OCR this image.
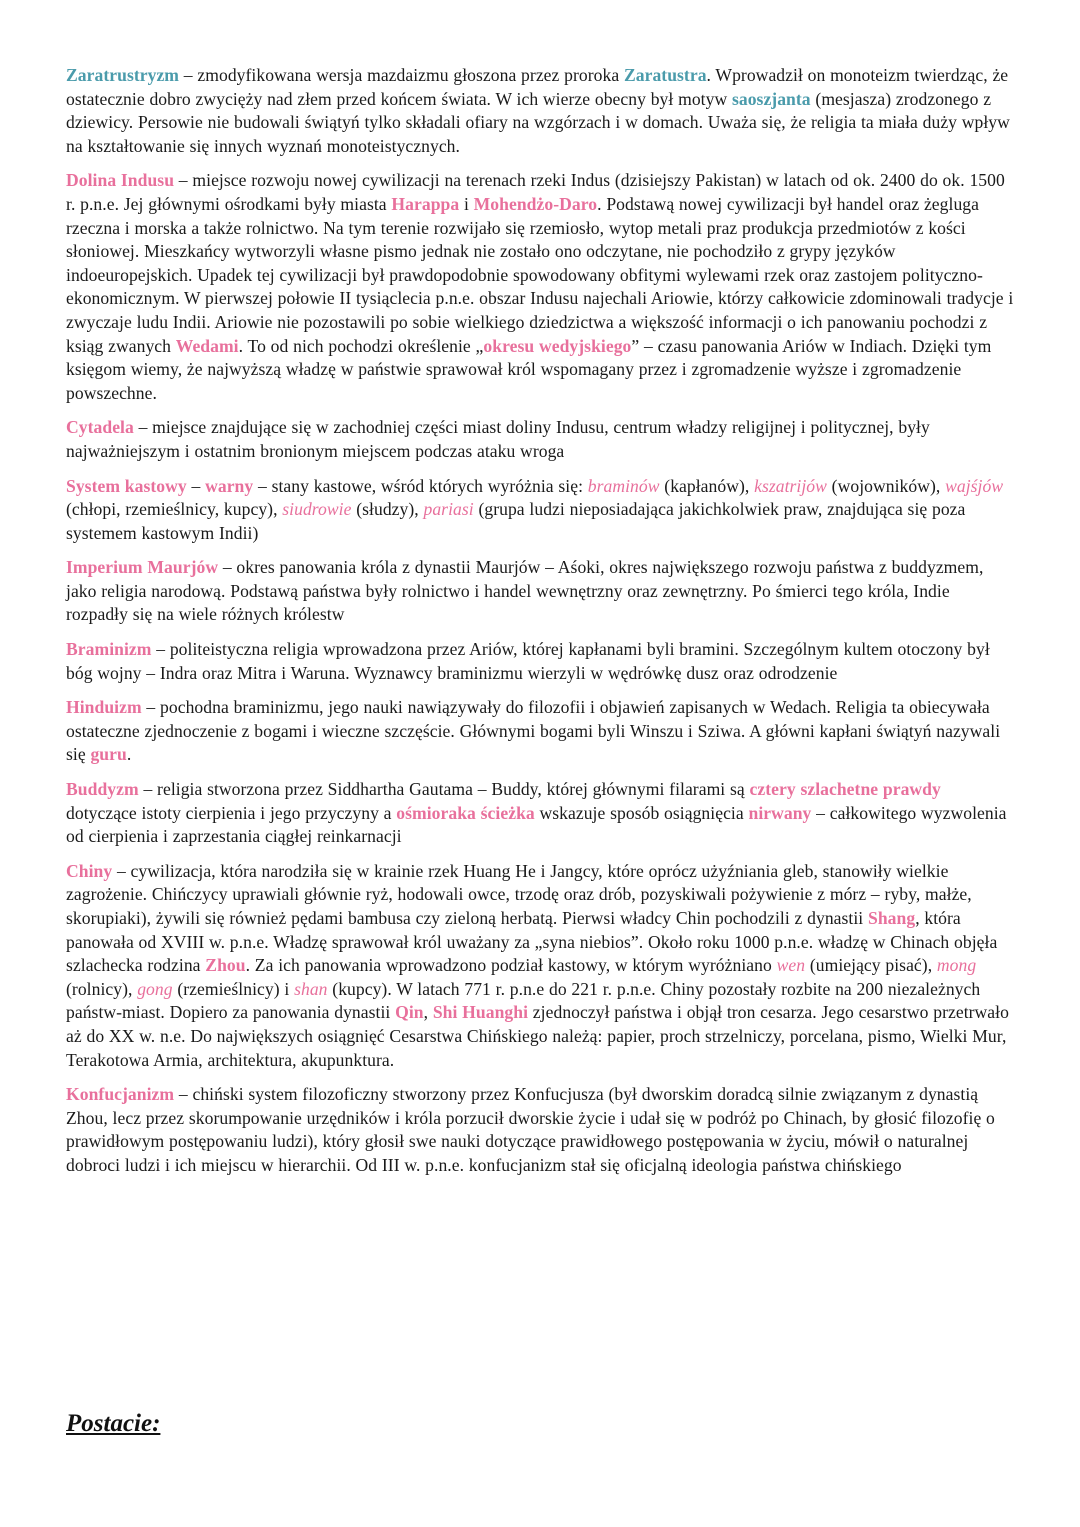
Zaratrustryzm – zmodyfikowana wersja mazdaizmu głoszona przez proroka Zaratustra. Wprowadził on monoteizm twierdząc, że ostatecznie dobro zwycięży nad złem przed końcem świata. W ich wierze obecny był motyw saoszjanta (mesjasza) zrodzonego z dziewicy. Persowie nie budowali świątyń tylko składali ofiary na wzgórzach i w domach. Uważa się, że religia ta miała duży wpływ na kształtowanie się innych wyznań monoteistycznych.

Dolina Indusu – miejsce rozwoju nowej cywilizacji na terenach rzeki Indus (dzisiejszy Pakistan) w latach od ok. 2400 do ok. 1500 r. p.n.e. Jej głównymi ośrodkami były miasta Harappa i Mohendżo-Daro. Podstawą nowej cywilizacji był handel oraz żegluga rzeczna i morska a także rolnictwo. Na tym terenie rozwijało się rzemiosło, wytop metali praz produkcja przedmiotów z kości słoniowej. Mieszkańcy wytworzyli własne pismo jednak nie zostało ono odczytane, nie pochodziło z grypy języków indoeuropejskich. Upadek tej cywilizacji był prawdopodobnie spowodowany obfitymi wylewami rzek oraz zastojem polityczno-ekonomicznym. W pierwszej połowie II tysiąclecia p.n.e. obszar Indusu najechali Ariowie, którzy całkowicie zdominowali tradycje i zwyczaje ludu Indii. Ariowie nie pozostawili po sobie wielkiego dziedzictwa a większość informacji o ich panowaniu pochodzi z ksiąg zwanych Wedami. To od nich pochodzi określenie „okresu wedyjskiego” – czasu panowania Ariów w Indiach. Dzięki tym księgom wiemy, że najwyższą władzę w państwie sprawował król wspomagany przez i zgromadzenie wyższe i zgromadzenie powszechne.

Cytadela – miejsce znajdujące się w zachodniej części miast doliny Indusu, centrum władzy religijnej i politycznej, były najważniejszym i ostatnim bronionym miejscem podczas ataku wroga

System kastowy – warny – stany kastowe, wśród których wyróżnia się: braminów (kapłanów), kszatrijów (wojowników), wajśjów (chłopi, rzemieślnicy, kupcy), siudrowie (słudzy), pariasi (grupa ludzi nieposiadająca jakichkolwiek praw, znajdująca się poza systemem kastowym Indii)

Imperium Maurjów – okres panowania króla z dynastii Maurjów – Aśoki, okres największego rozwoju państwa z buddyzmem, jako religia narodową. Podstawą państwa były rolnictwo i handel wewnętrzny oraz zewnętrzny. Po śmierci tego króla, Indie rozpadły się na wiele różnych królestw

Braminizm – politeistyczna religia wprowadzona przez Ariów, której kapłanami byli bramini. Szczególnym kultem otoczony był bóg wojny – Indra oraz Mitra i Waruna. Wyznawcy braminizmu wierzyli w wędrówkę dusz oraz odrodzenie

Hinduizm – pochodna braminizmu, jego nauki nawiązywały do filozofii i objawień zapisanych w Wedach. Religia ta obiecywała ostateczne zjednoczenie z bogami i wieczne szczęście. Głównymi bogami byli Winszu i Sziwa. A główni kapłani świątyń nazywali się guru.

Buddyzm – religia stworzona przez Siddhartha Gautama – Buddy, której głównymi filarami są cztery szlachetne prawdy dotyczące istoty cierpienia i jego przyczyny a ośmioraka ścieżka wskazuje sposób osiągnięcia nirwany – całkowitego wyzwolenia od cierpienia i zaprzestania ciągłej reinkarnacji

Chiny – cywilizacja, która narodziła się w krainie rzek Huang He i Jangcy, które oprócz użyźniania gleb, stanowiły wielkie zagrożenie. Chińczycy uprawiali głównie ryż, hodowali owce, trzodę oraz drób, pozyskiwali pożywienie z mórz – ryby, małże, skorupiaki), żywili się również pędami bambusa czy zieloną herbatą. Pierwsi władcy Chin pochodzili z dynastii Shang, która panowała od XVIII w. p.n.e. Władzę sprawował król uważany za „syna niebios”. Około roku 1000 p.n.e. władzę w Chinach objęła szlachecka rodzina Zhou. Za ich panowania wprowadzono podział kastowy, w którym wyróżniano wen (umiejący pisać), mong (rolnicy), gong (rzemieślnicy) i shan (kupcy). W latach 771 r. p.n.e do 221 r. p.n.e. Chiny pozostały rozbite na 200 niezależnych państw-miast. Dopiero za panowania dynastii Qin, Shi Huanghi zjednoczył państwa i objął tron cesarza. Jego cesarstwo przetrwało aż do XX w. n.e. Do największych osiągnięć Cesarstwa Chińskiego należą: papier, proch strzelniczy, porcelana, pismo, Wielki Mur, Terakotowa Armia, architektura, akupunktura.

Konfucjanizm – chiński system filozoficzny stworzony przez Konfucjusza (był dworskim doradcą silnie związanym z dynastią Zhou, lecz przez skorumpowanie urzędników i króla porzucił dworskie życie i udał się w podróż po Chinach, by głosić filozofię o prawidłowym postępowaniu ludzi), który głosił swe nauki dotyczące prawidłowego postępowania w życiu, mówił o naturalnej dobroci ludzi i ich miejscu w hierarchii. Od III w. p.n.e. konfucjanizm stał się oficjalną ideologia państwa chińskiego

Postacie:
